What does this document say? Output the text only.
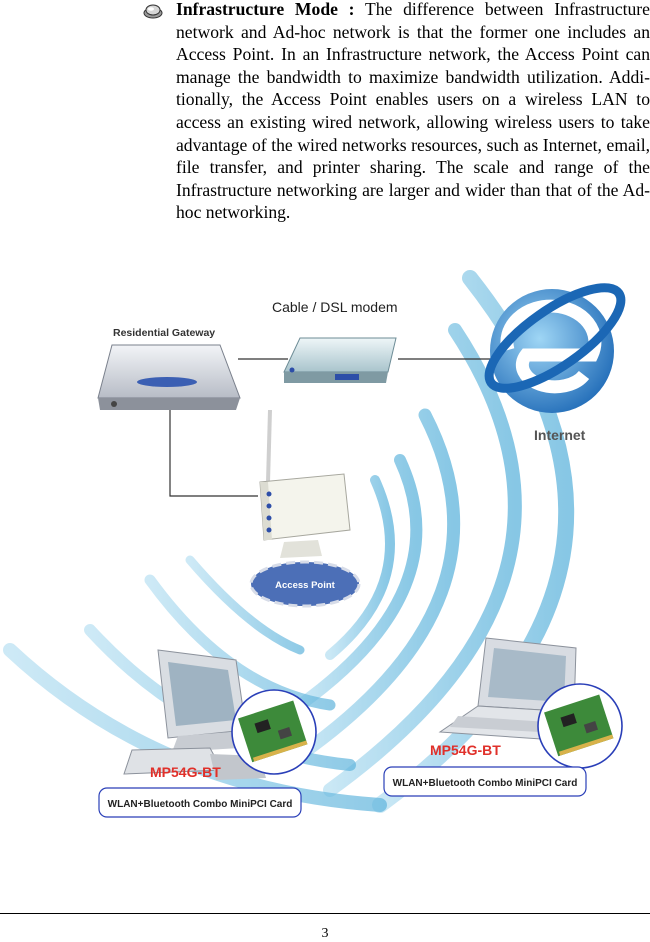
Infrastructure Mode : The difference between Infrastructure network and Ad-hoc network is that the former one includes an Access Point. In an Infrastructure network, the Access Point can manage the bandwidth to maximize bandwidth utilization. Addi-tionally, the Access Point enables users on a wireless LAN to access an existing wired network, allowing wireless users to take advantage of the wired networks resources, such as Internet, email, file transfer, and printer sharing. The scale and range of the Infrastructure networking are larger and wider than that of the Ad-hoc networking.
Residential Gateway
Cable / DSL modem
Internet
Access Point
MP54G-BT
WLAN+Bluetooth Combo MiniPCI Card
MP54G-BT
WLAN+Bluetooth Combo MiniPCI Card
3
